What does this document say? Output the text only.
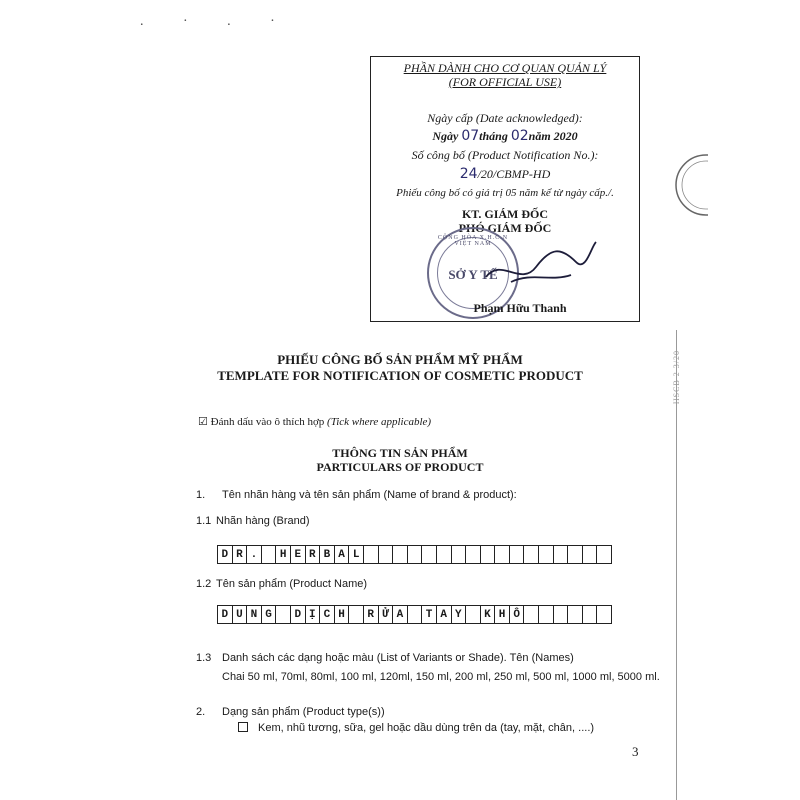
. · . ·
PHẦN DÀNH CHO CƠ QUAN QUẢN LÝ
(FOR OFFICIAL USE)
Ngày cấp (Date acknowledged):
Ngày 07tháng 02năm 2020
Số công bố (Product Notification No.):
24/20/CBMP-HD
Phiếu công bố có giá trị 05 năm kể từ ngày cấp./.
KT. GIÁM ĐỐC
PHÓ GIÁM ĐỐC
CỘNG HÒA X.H.C.N VIỆT NAM
SỞ Y TẾ
Phạm Hữu Thanh
HSCB 2 3/20
PHIẾU CÔNG BỐ SẢN PHẨM MỸ PHẨM
TEMPLATE FOR NOTIFICATION OF COSMETIC PRODUCT
☑ Đánh dấu vào ô thích hợp (Tick where applicable)
THÔNG TIN SẢN PHẨM
PARTICULARS OF PRODUCT
1. Tên nhãn hàng và tên sản phẩm (Name of brand & product):
1.1 Nhãn hàng (Brand)
D R .	H E R B A L
1.2 Tên sản phẩm (Product Name)
D U N G	D Ị C H	R Ử A	T A Y	K H Ô
1.3 Danh sách các dạng hoặc màu (List of Variants or Shade). Tên (Names)
Chai 50 ml, 70ml, 80ml, 100 ml, 120ml, 150 ml, 200 ml, 250 ml, 500 ml, 1000 ml, 5000 ml.
2. Dạng sản phẩm (Product type(s))
Kem, nhũ tương, sữa, gel hoặc dầu dùng trên da (tay, mặt, chân, ....)
3
